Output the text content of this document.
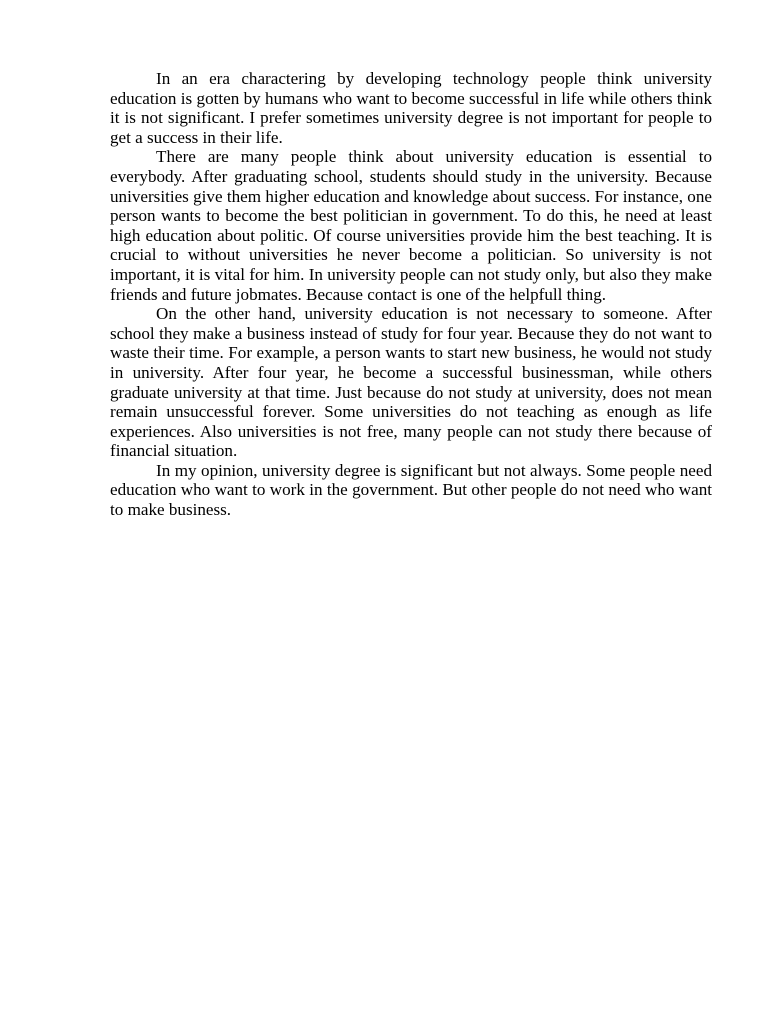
In an era charactering by developing technology people think university education is gotten by humans who want to become successful in life while others think it is not significant. I prefer sometimes university degree is not important for people to get a success in their life.

There are many people think about university education is essential to everybody. After graduating school, students should study in the university. Because universities give them higher education and knowledge about success. For instance, one person wants to become the best politician in government. To do this, he need at least high education about politic. Of course universities provide him the best teaching. It is crucial to without universities he never become a politician. So university is not important, it is vital for him. In university people can not study only, but also they make friends and future jobmates. Because contact is one of the helpfull thing.

On the other hand, university education is not necessary to someone. After school they make a business instead of study for four year. Because they do not want to waste their time. For example, a person wants to start new business, he would not study in university. After four year, he become a successful businessman, while others graduate university at that time. Just because do not study at university, does not mean remain unsuccessful forever. Some universities do not teaching as enough as life experiences. Also universities is not free, many people can not study there because of financial situation.

In my opinion, university degree is significant but not always. Some people need education who want to work in the government. But other people do not need who want to make business.
